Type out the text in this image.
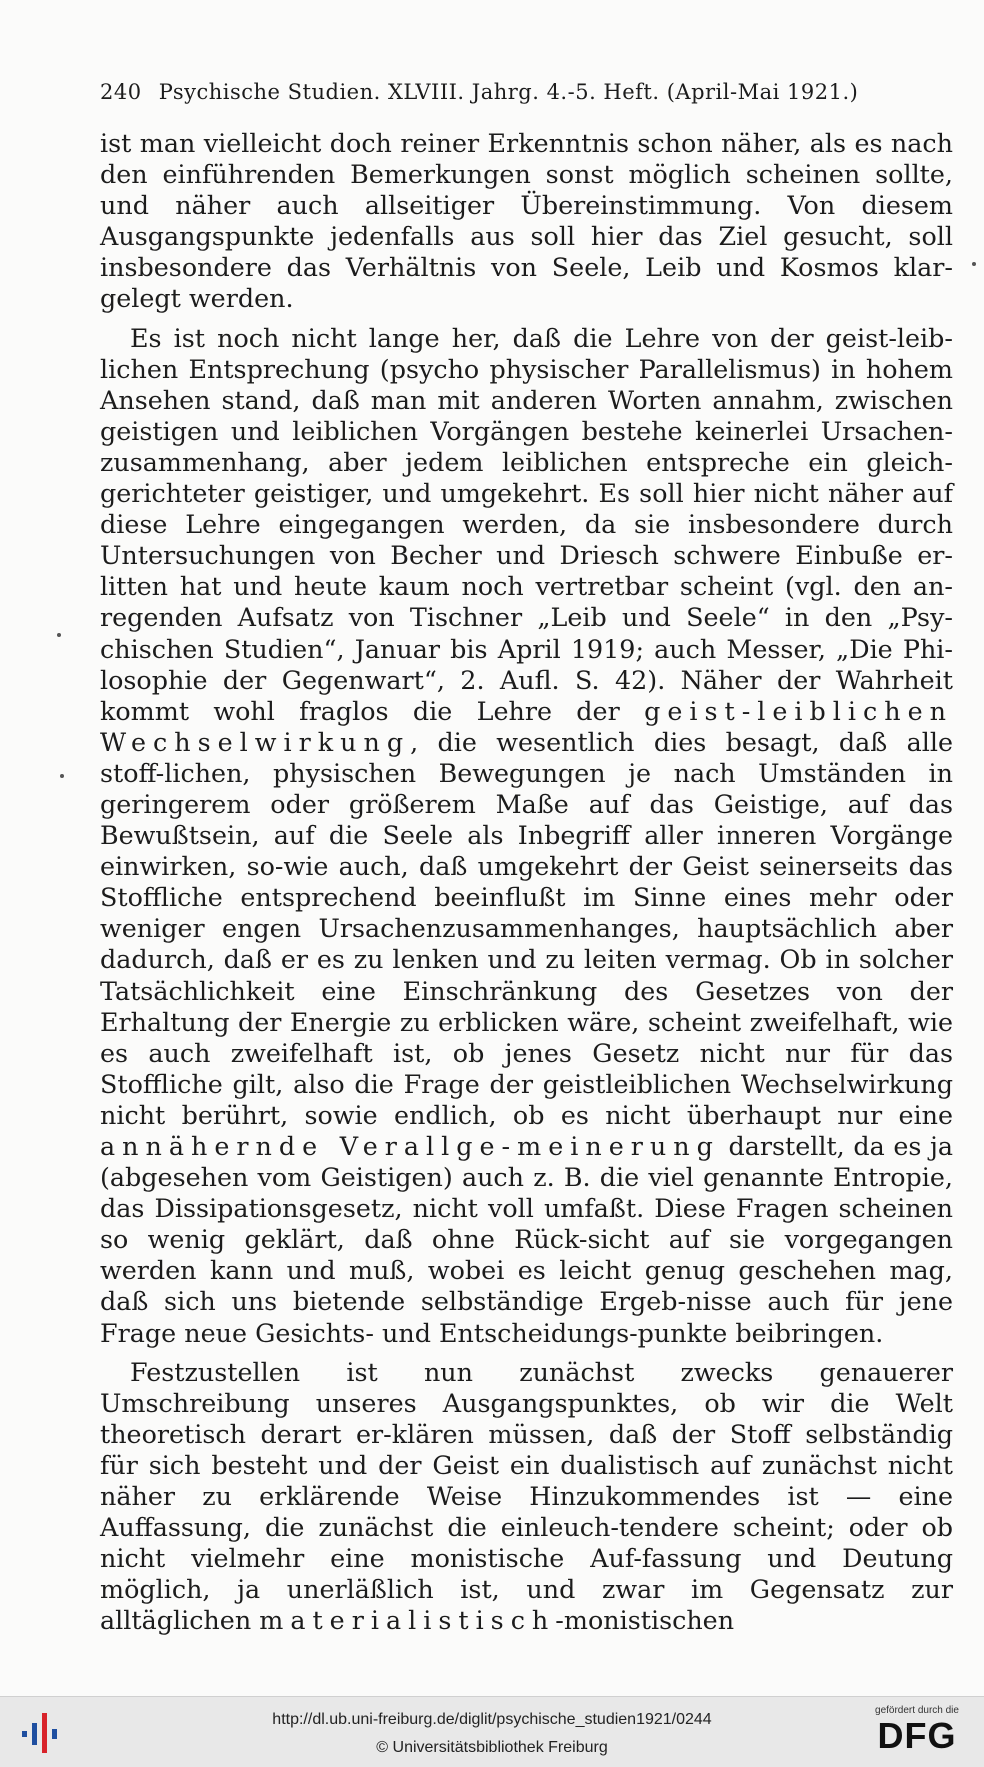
240 Psychische Studien. XLVIII. Jahrg. 4.-5. Heft. (April-Mai 1921.)

ist man vielleicht doch reiner Erkenntnis schon näher, als es nach den einführenden Bemerkungen sonst möglich scheinen sollte, und näher auch allseitiger Übereinstimmung. Von diesem Ausgangspunkte jedenfalls aus soll hier das Ziel gesucht, soll insbesondere das Verhältnis von Seele, Leib und Kosmos klar-gelegt werden.

Es ist noch nicht lange her, daß die Lehre von der geist-leib-lichen Entsprechung (psycho physischer Parallelismus) in hohem Ansehen stand, daß man mit anderen Worten annahm, zwischen geistigen und leiblichen Vorgängen bestehe keinerlei Ursachen-zusammenhang, aber jedem leiblichen entspreche ein gleich-gerichteter geistiger, und umgekehrt. Es soll hier nicht näher auf diese Lehre eingegangen werden, da sie insbesondere durch Untersuchungen von Becher und Driesch schwere Einbuße er-litten hat und heute kaum noch vertretbar scheint (vgl. den an-regenden Aufsatz von Tischner „Leib und Seele“ in den „Psy-chischen Studien“, Januar bis April 1919; auch Messer, „Die Phi-losophie der Gegenwart“, 2. Aufl. S. 42). Näher der Wahrheit kommt wohl fraglos die Lehre der geist-leiblichen Wechselwirkung, die wesentlich dies besagt, daß alle stoff-lichen, physischen Bewegungen je nach Umständen in geringerem oder größerem Maße auf das Geistige, auf das Bewußtsein, auf die Seele als Inbegriff aller inneren Vorgänge einwirken, so-wie auch, daß umgekehrt der Geist seinerseits das Stoffliche entsprechend beeinflußt im Sinne eines mehr oder weniger engen Ursachenzusammenhanges, hauptsächlich aber dadurch, daß er es zu lenken und zu leiten vermag. Ob in solcher Tatsächlichkeit eine Einschränkung des Gesetzes von der Erhaltung der Energie zu erblicken wäre, scheint zweifelhaft, wie es auch zweifelhaft ist, ob jenes Gesetz nicht nur für das Stoffliche gilt, also die Frage der geistleiblichen Wechselwirkung nicht berührt, sowie endlich, ob es nicht überhaupt nur eine annähernde Verallge-meinerung darstellt, da es ja (abgesehen vom Geistigen) auch z. B. die viel genannte Entropie, das Dissipationsgesetz, nicht voll umfaßt. Diese Fragen scheinen so wenig geklärt, daß ohne Rück-sicht auf sie vorgegangen werden kann und muß, wobei es leicht genug geschehen mag, daß sich uns bietende selbständige Ergeb-nisse auch für jene Frage neue Gesichts- und Entscheidungs-punkte beibringen.

Festzustellen ist nun zunächst zwecks genauerer Umschreibung unseres Ausgangspunktes, ob wir die Welt theoretisch derart er-klären müssen, daß der Stoff selbständig für sich besteht und der Geist ein dualistisch auf zunächst nicht näher zu erklärende Weise Hinzukommendes ist — eine Auffassung, die zunächst die einleuch-tendere scheint; oder ob nicht vielmehr eine monistische Auf-fassung und Deutung möglich, ja unerläßlich ist, und zwar im Gegensatz zur alltäglichen materialistisch-monistischen

http://dl.ub.uni-freiburg.de/diglit/psychische_studien1921/0244
© Universitätsbibliothek Freiburg
gefördert durch die
DFG
